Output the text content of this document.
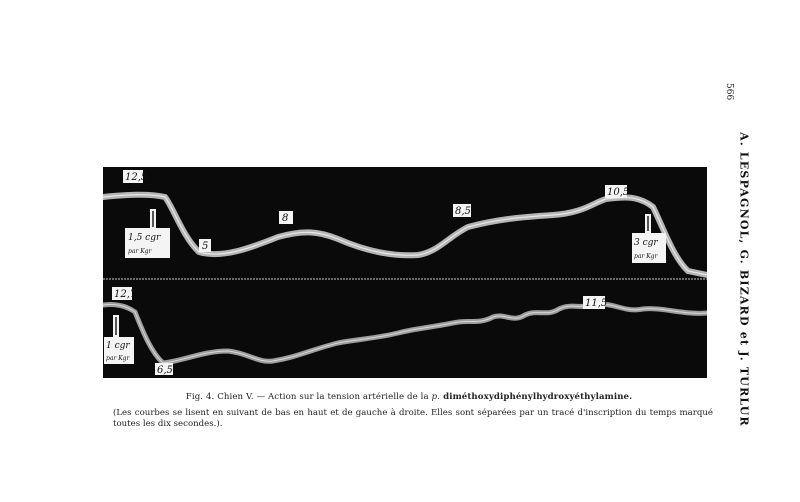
566
A. LESPAGNOL, G. BIZARD et J. TURLUR
12,5
5
8
8,5
10,5
12,7
6,5
11,5
1,5 cgr
par Kgr
3 cgr
par Kgr
1 cgr
par Kgr
Fig. 4. Chien V. — Action sur la tension artérielle de la p. diméthoxydiphénylhydroxyéthylamine.
(Les courbes se lisent en suivant de bas en haut et de gauche à droite. Elles sont séparées par un tracé d'inscription du temps marqué toutes les dix secondes.).
